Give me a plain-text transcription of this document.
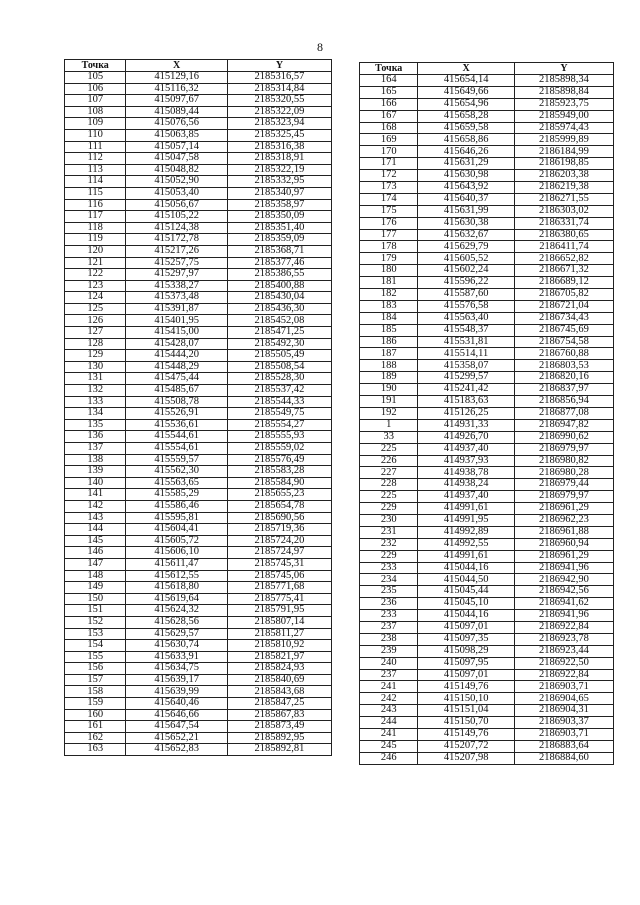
8
Точка	X	Y
105	415129,16	2185316,57
106	415116,32	2185314,84
107	415097,67	2185320,55
108	415089,44	2185322,09
109	415076,56	2185323,94
110	415063,85	2185325,45
111	415057,14	2185316,38
112	415047,58	2185318,91
113	415048,82	2185322,19
114	415052,90	2185332,95
115	415053,40	2185340,97
116	415056,67	2185358,97
117	415105,22	2185350,09
118	415124,38	2185351,40
119	415172,78	2185359,09
120	415217,26	2185368,71
121	415257,75	2185377,46
122	415297,97	2185386,55
123	415338,27	2185400,88
124	415373,48	2185430,04
125	415391,87	2185436,30
126	415401,95	2185452,08
127	415415,00	2185471,25
128	415428,07	2185492,30
129	415444,20	2185505,49
130	415448,29	2185508,54
131	415475,44	2185528,30
132	415485,67	2185537,42
133	415508,78	2185544,33
134	415526,91	2185549,75
135	415536,61	2185554,27
136	415544,61	2185555,93
137	415554,61	2185559,02
138	415559,57	2185576,49
139	415562,30	2185583,28
140	415563,65	2185584,90
141	415585,29	2185655,23
142	415586,46	2185654,78
143	415595,81	2185690,56
144	415604,41	2185719,36
145	415605,72	2185724,20
146	415606,10	2185724,97
147	415611,47	2185745,31
148	415612,55	2185745,06
149	415618,80	2185771,68
150	415619,64	2185775,41
151	415624,32	2185791,95
152	415628,56	2185807,14
153	415629,57	2185811,27
154	415630,74	2185810,92
155	415633,91	2185821,97
156	415634,75	2185824,93
157	415639,17	2185840,69
158	415639,99	2185843,68
159	415640,46	2185847,25
160	415646,66	2185867,83
161	415647,54	2185873,49
162	415652,21	2185892,95
163	415652,83	2185892,81
Точка	X	Y
164	415654,14	2185898,34
165	415649,66	2185898,84
166	415654,96	2185923,75
167	415658,28	2185949,00
168	415659,58	2185974,43
169	415658,86	2185999,89
170	415646,26	2186184,99
171	415631,29	2186198,85
172	415630,98	2186203,38
173	415643,92	2186219,38
174	415640,37	2186271,55
175	415631,99	2186303,02
176	415630,38	2186331,74
177	415632,67	2186380,65
178	415629,79	2186411,74
179	415605,52	2186652,82
180	415602,24	2186671,32
181	415596,22	2186689,12
182	415587,60	2186705,82
183	415576,58	2186721,04
184	415563,40	2186734,43
185	415548,37	2186745,69
186	415531,81	2186754,58
187	415514,11	2186760,88
188	415358,07	2186803,53
189	415299,57	2186820,16
190	415241,42	2186837,97
191	415183,63	2186856,94
192	415126,25	2186877,08
1	414931,33	2186947,82
33	414926,70	2186990,62
225	414937,40	2186979,97
226	414937,93	2186980,82
227	414938,78	2186980,28
228	414938,24	2186979,44
225	414937,40	2186979,97
229	414991,61	2186961,29
230	414991,95	2186962,23
231	414992,89	2186961,88
232	414992,55	2186960,94
229	414991,61	2186961,29
233	415044,16	2186941,96
234	415044,50	2186942,90
235	415045,44	2186942,56
236	415045,10	2186941,62
233	415044,16	2186941,96
237	415097,01	2186922,84
238	415097,35	2186923,78
239	415098,29	2186923,44
240	415097,95	2186922,50
237	415097,01	2186922,84
241	415149,76	2186903,71
242	415150,10	2186904,65
243	415151,04	2186904,31
244	415150,70	2186903,37
241	415149,76	2186903,71
245	415207,72	2186883,64
246	415207,98	2186884,60
